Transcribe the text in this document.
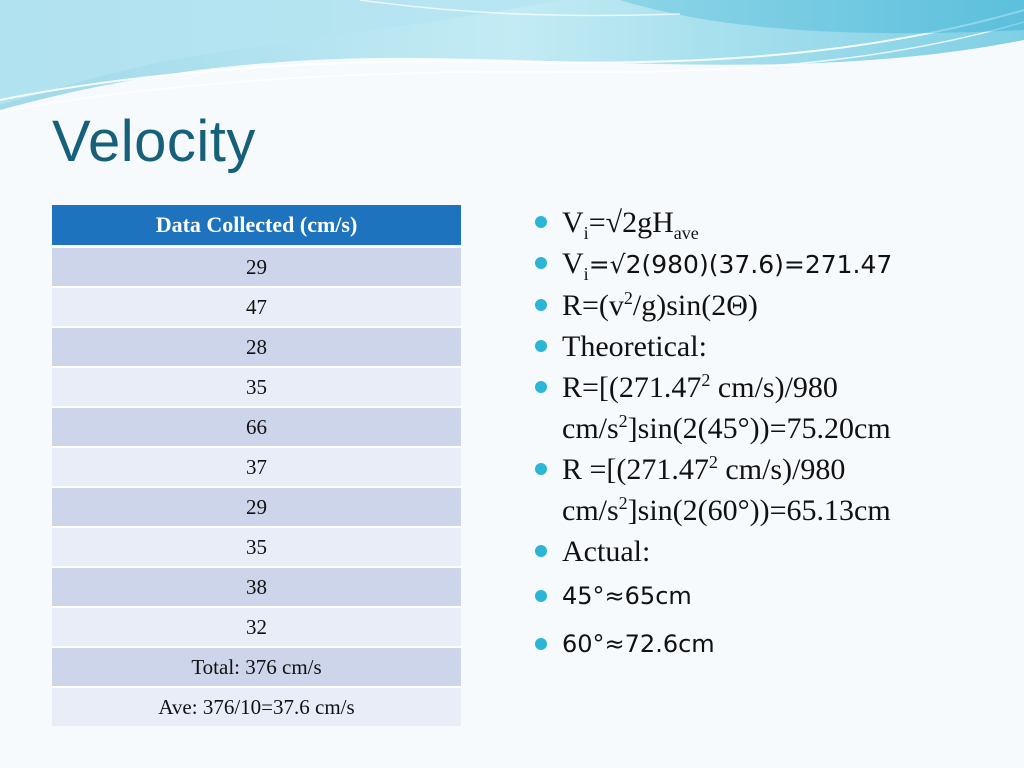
Velocity
Data Collected (cm/s)
29
47
28
35
66
37
29
35
38
32
Total: 376 cm/s
Ave: 376/10=37.6 cm/s
$V_i=√2gH_{ave}$
$V_i=√2(980)(37.6)=271.47$
$R=(v^2/g)\sin(2\Theta)$
Theoretical:
$R=[(271.47^2$ cm/s)/980 $cm/s^2]\sin(2(45^\circ))=75.20cm$
$R =[(271.47^2$ cm/s)/980 $cm/s^2]\sin(2(60^\circ))=65.13cm$
Actual:
45°≈65cm
60°≈72.6cm
